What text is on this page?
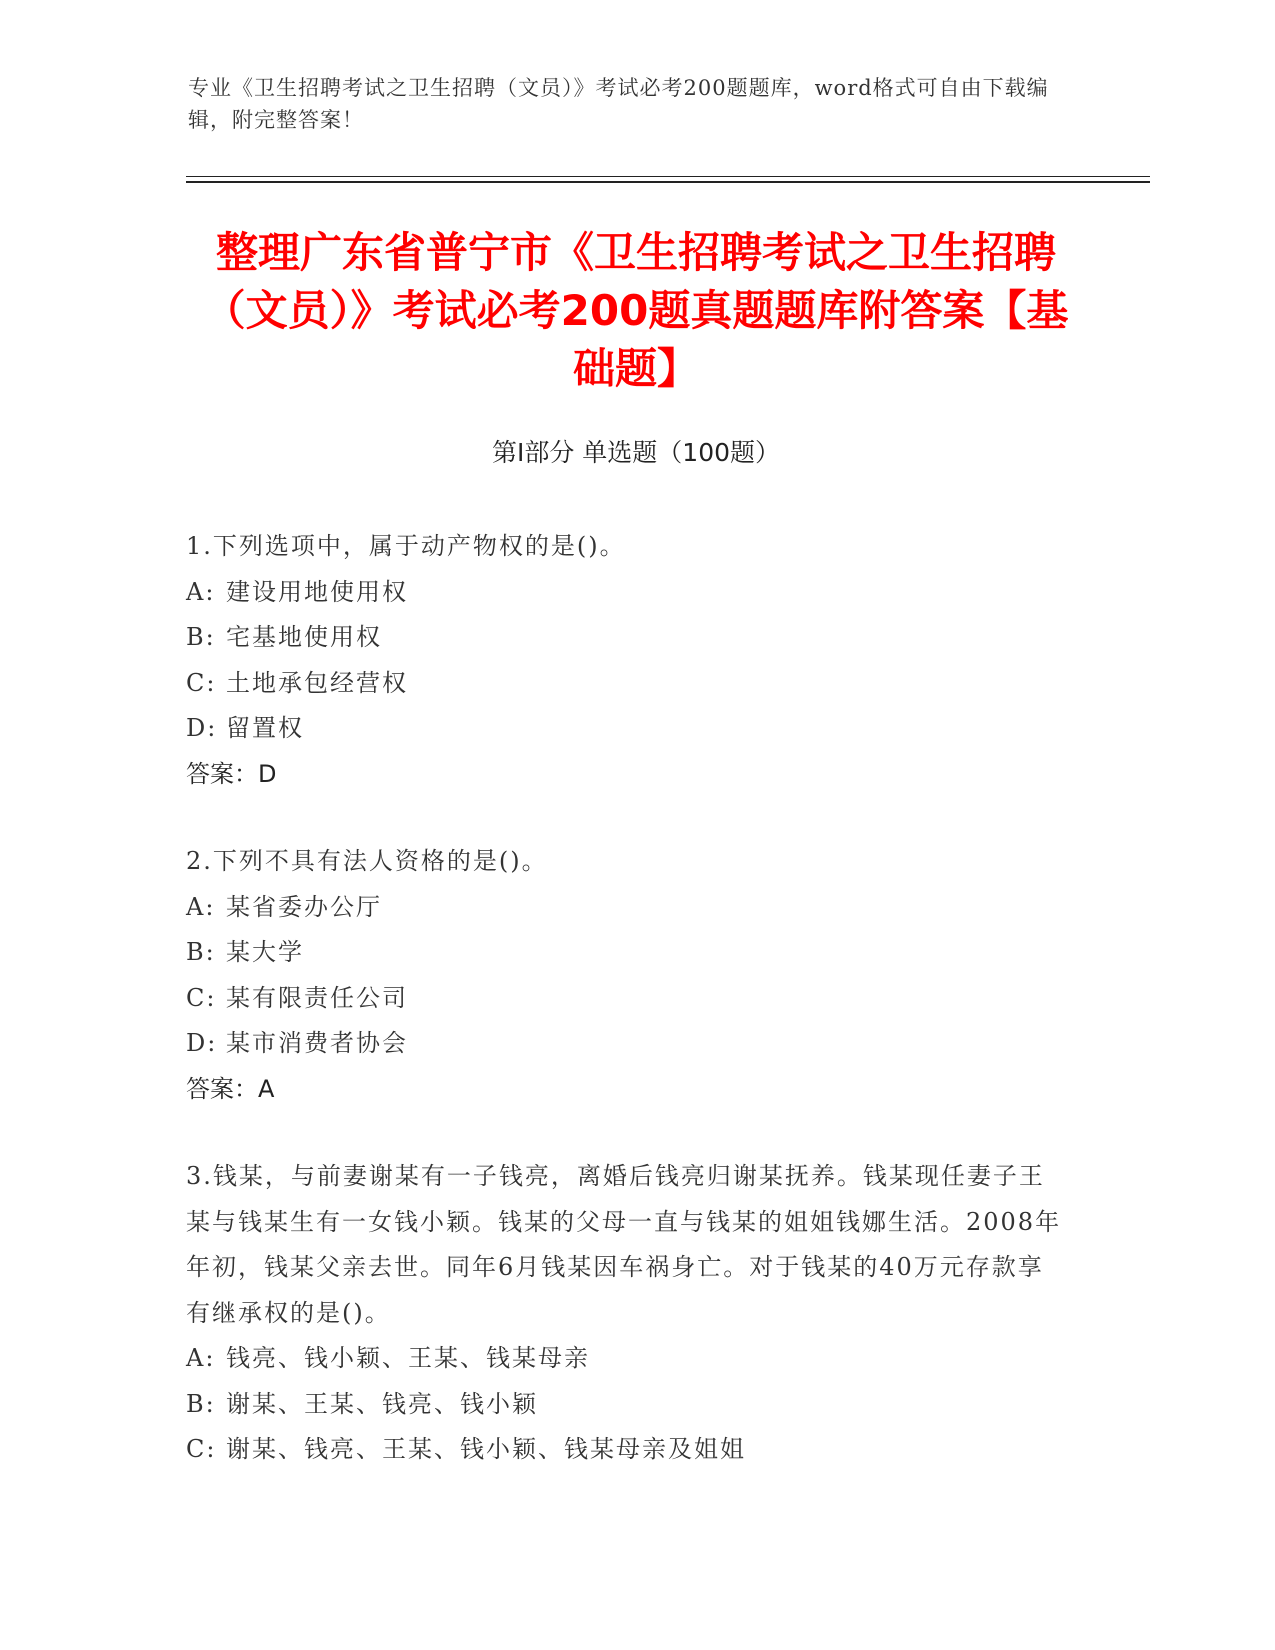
专业《卫生招聘考试之卫生招聘（文员）》考试必考200题题库，word格式可自由下载编辑，附完整答案！
整理广东省普宁市《卫生招聘考试之卫生招聘（文员）》考试必考200题真题题库附答案【基础题】
第Ⅰ部分 单选题（100题）
1.下列选项中，属于动产物权的是()。
A: 建设用地使用权
B: 宅基地使用权
C: 土地承包经营权
D: 留置权
答案：D
2.下列不具有法人资格的是()。
A: 某省委办公厅
B: 某大学
C: 某有限责任公司
D: 某市消费者协会
答案：A
3.钱某，与前妻谢某有一子钱亮，离婚后钱亮归谢某抚养。钱某现任妻子王某与钱某生有一女钱小颖。钱某的父母一直与钱某的姐姐钱娜生活。2008年年初，钱某父亲去世。同年6月钱某因车祸身亡。对于钱某的40万元存款享有继承权的是()。
A: 钱亮、钱小颖、王某、钱某母亲
B: 谢某、王某、钱亮、钱小颖
C: 谢某、钱亮、王某、钱小颖、钱某母亲及姐姐
